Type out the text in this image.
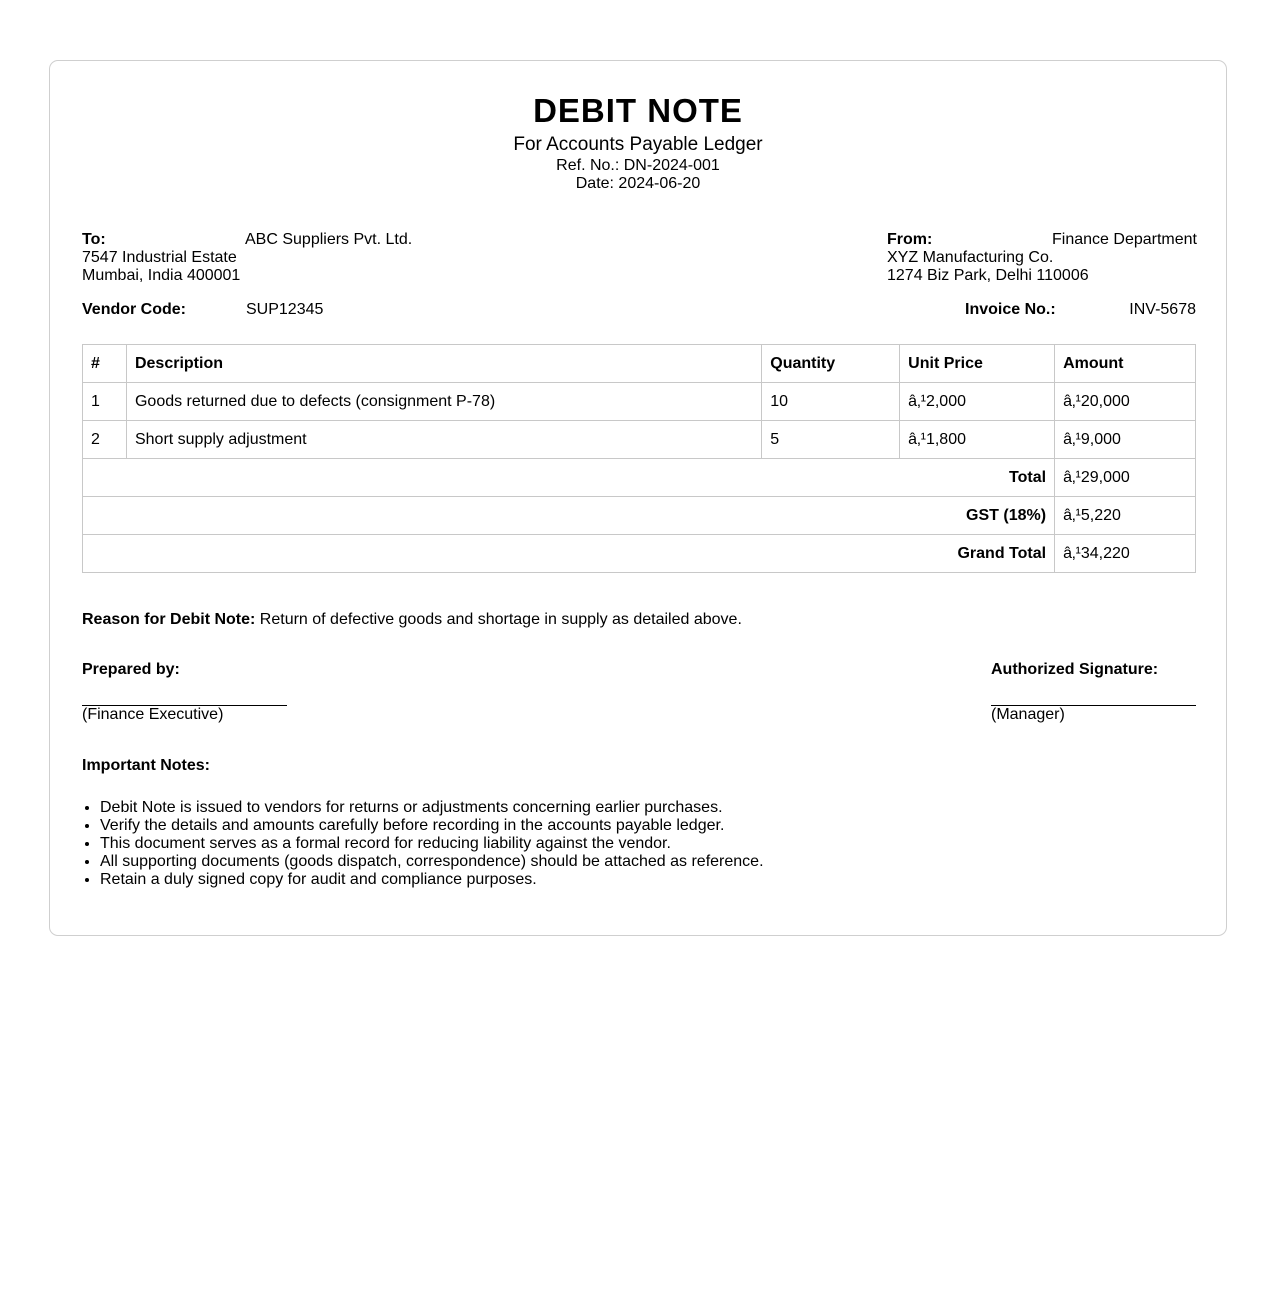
DEBIT NOTE
For Accounts Payable Ledger
Ref. No.: DN-2024-001
Date: 2024-06-20
To:	ABC Suppliers Pvt. Ltd.
7547 Industrial Estate
Mumbai, India 400001
From:	Finance Department
XYZ Manufacturing Co.
1274 Biz Park, Delhi 110006
Vendor Code:	SUP12345	Invoice No.:	INV-5678
#	Description	Quantity	Unit Price	Amount
1	Goods returned due to defects (consignment P-78)	10	â‚¹2,000	â‚¹20,000
2	Short supply adjustment	5	â‚¹1,800	â‚¹9,000
Total				â‚¹29,000
GST (18%)				â‚¹5,220
Grand Total				â‚¹34,220
Reason for Debit Note: Return of defective goods and shortage in supply as detailed above.
Prepared by:
(Finance Executive)
Authorized Signature:
(Manager)
Important Notes:
• Debit Note is issued to vendors for returns or adjustments concerning earlier purchases.
• Verify the details and amounts carefully before recording in the accounts payable ledger.
• This document serves as a formal record for reducing liability against the vendor.
• All supporting documents (goods dispatch, correspondence) should be attached as reference.
• Retain a duly signed copy for audit and compliance purposes.
